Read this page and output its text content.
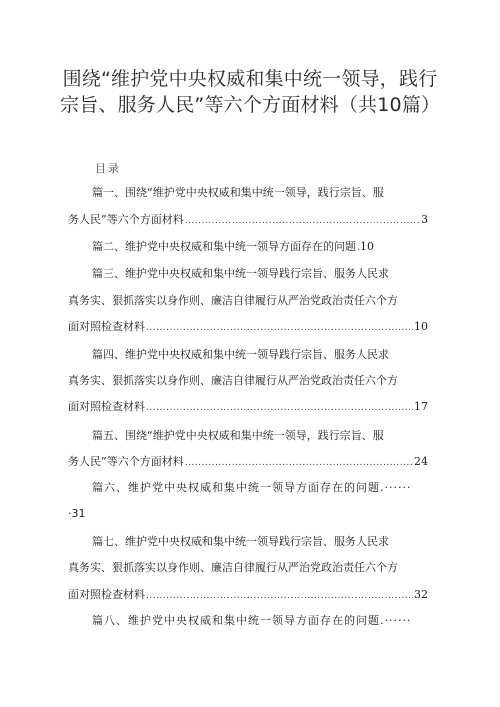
围绕“维护党中央权威和集中统一领导，践行宗旨、服务人民”等六个方面材料（共10篇）
目录
篇一、围绕“维护党中央权威和集中统一领导，践行宗旨、服
务人民”等六个方面材料 .....	3
篇二、维护党中央权威和集中统一领导方面存在的问题 ..... 10
篇三、维护党中央权威和集中统一领导践行宗旨、服务人民求
真务实、狠抓落实以身作则、廉洁自律履行从严治党政治责任六个方
面对照检查材料 .....	10
篇四、维护党中央权威和集中统一领导践行宗旨、服务人民求
真务实、狠抓落实以身作则、廉洁自律履行从严治党政治责任六个方
面对照检查材料 .....	17
篇五、围绕“维护党中央权威和集中统一领导，践行宗旨、服
务人民”等六个方面材料 .....	24
篇六、维护党中央权威和集中统一领导方面存在的问题.······
·31
篇七、维护党中央权威和集中统一领导践行宗旨、服务人民求
真务实、狠抓落实以身作则、廉洁自律履行从严治党政治责任六个方
面对照检查材料 .....	32
篇八、维护党中央权威和集中统一领导方面存在的问题.······
